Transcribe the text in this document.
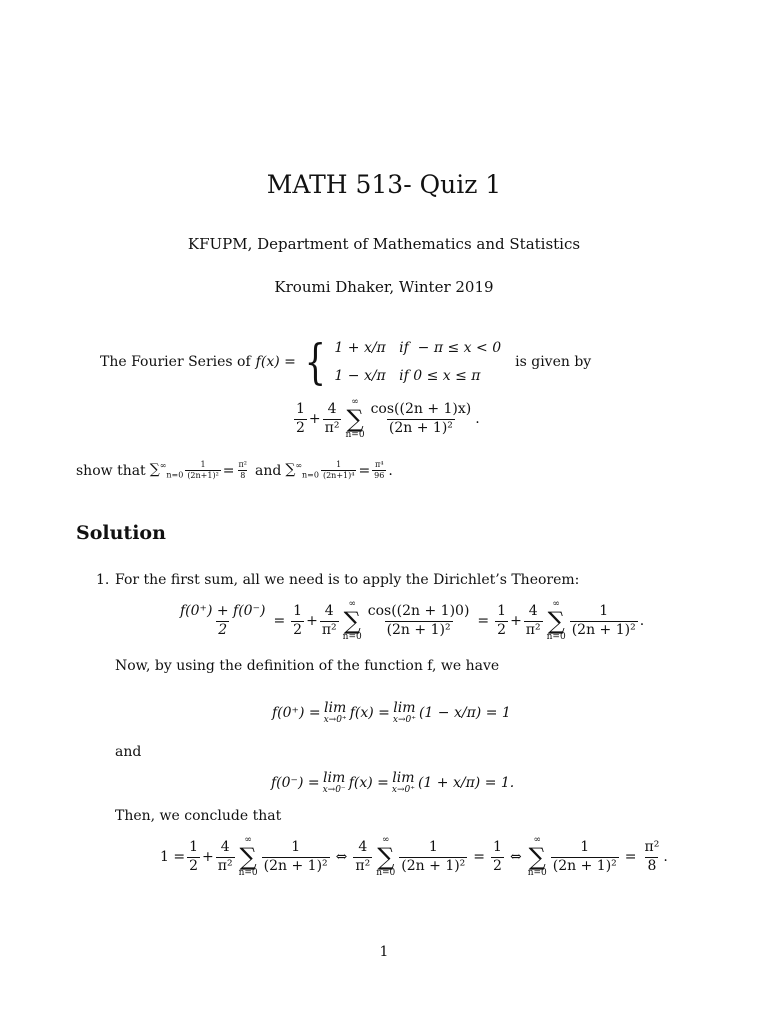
MATH 513- Quiz 1
KFUPM, Department of Mathematics and Statistics
Kroumi Dhaker, Winter 2019
The Fourier Series of f(x) = { 1 + x/π   if  − π ≤ x < 0
1 − x/π   if 0 ≤ x ≤ π
is given by
$\frac{1}{2} + \frac{4}{\text{π²}}$ ∞
∑
$n=0 \frac{\cos((2n + 1)x)}{\text{(2n + 1)²}}$ .
show that $\sum^\infty_{n=0} \frac{1}{\text{(2n+1)²}} = \frac{\text{π²}}{8}$ and $\sum^\infty_{n=0} \frac{1}{\text{(2n+1)⁴}} = \frac{\text{π⁴}}{96}$ .
Solution
1. For the first sum, all we need is to apply the Dirichlet’s Theorem:
$\frac{f(0^+) + f(0^-)}{2} = \frac{1}{2} + \frac{4}{\text{π²}}$ ∞
∑
$n=0 \frac{\cos((2n + 1)0)}{\text{(2n + 1)²}} = \frac{1}{2} + \frac{4}{\text{π²}}$ ∞
∑
$n=0 \frac{1}{\text{(2n + 1)²}}$ .
Now, by using the definition of the function f, we have
f(0⁺) = lim
x→0⁺ f(x) = lim
x→0⁺ (1 − x/π) = 1
and
f(0⁻) = lim
x→0⁻ f(x) = lim
x→0⁺ (1 + x/π) = 1.
Then, we conclude that
$1 = \frac{1}{2} + \frac{4}{\text{π²}}$ ∞
∑
$n=0 \frac{1}{\text{(2n + 1)²}}$ ⇔ $\frac{4}{\text{π²}}$ ∞
∑
$n=0 \frac{1}{\text{(2n + 1)²}} = \frac{1}{2}$ ⇔
∞
∑
$n=0 \frac{1}{\text{(2n + 1)²}} = \frac{\text{π²}}{8}$ .
1
